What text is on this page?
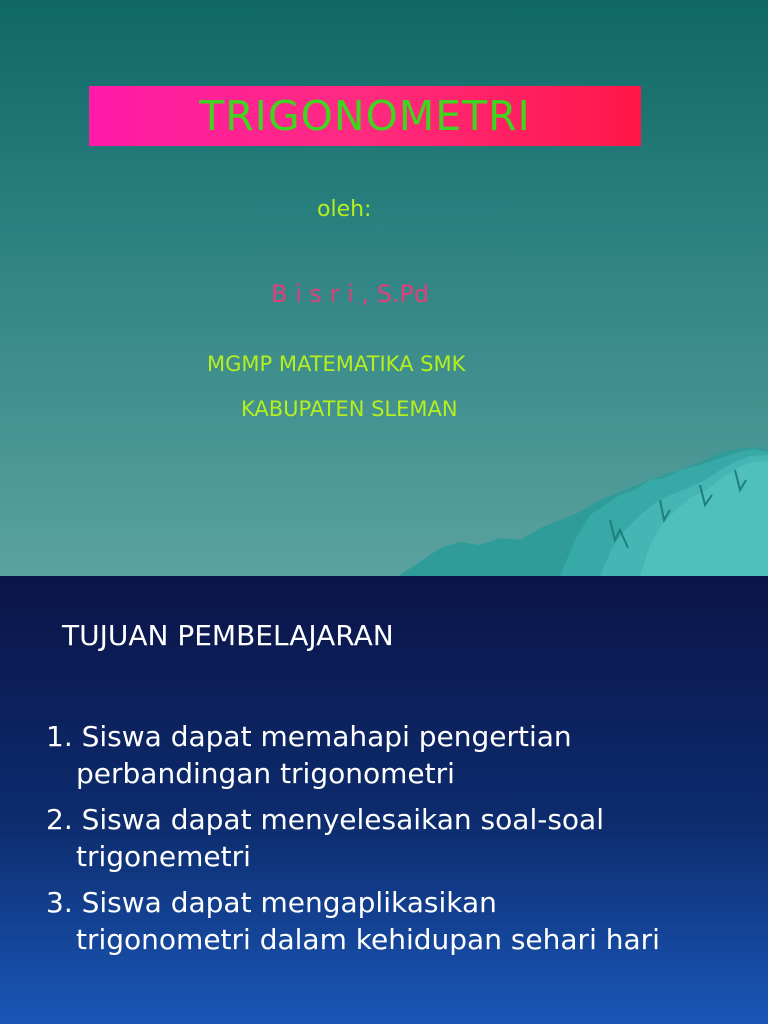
TRIGONOMETRI
oleh:
B i s r i , S.Pd
MGMP MATEMATIKA SMK
KABUPATEN SLEMAN
TUJUAN PEMBELAJARAN
1. Siswa dapat memahapi pengertian
perbandingan trigonometri
2. Siswa dapat menyelesaikan soal-soal
trigonemetri
3. Siswa dapat mengaplikasikan
trigonometri dalam kehidupan sehari hari
